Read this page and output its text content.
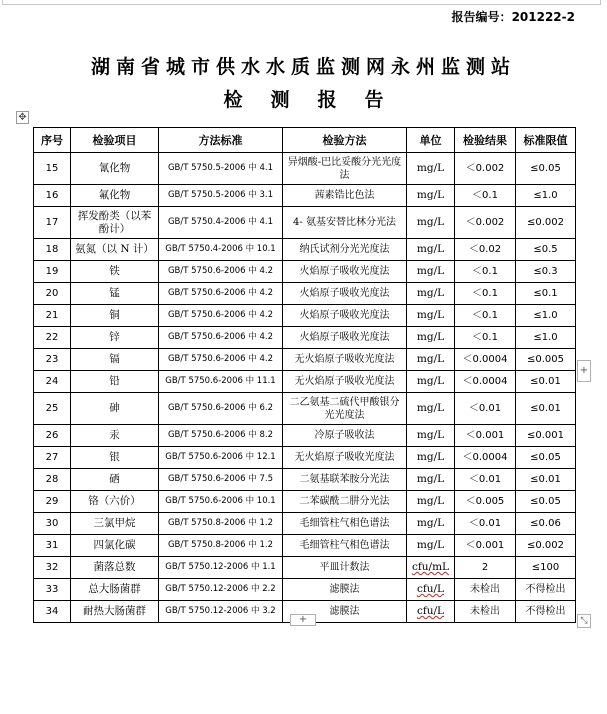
报告编号：201222-2
湖南省城市供水水质监测网永州监测站
检测报告
✥
序号	检验项目	方法标准	检验方法	单位	检验结果	标准限值
15	氰化物	GB/T 5750.5-2006 中 4.1	异烟酸-巴比妥酸分光光度法	mg/L	＜0.002	≤0.05
16	氟化物	GB/T 5750.5-2006 中 3.1	茜素锆比色法	mg/L	＜0.1	≤1.0
17	挥发酚类（以苯酚计）	GB/T 5750.4-2006 中 4.1	4- 氨基安替比林分光法	mg/L	＜0.002	≤0.002
18	氨氮（以 N 计）	GB/T 5750.4-2006 中 10.1	纳氏试剂分光光度法	mg/L	＜0.02	≤0.5
19	铁	GB/T 5750.6-2006 中 4.2	火焰原子吸收光度法	mg/L	＜0.1	≤0.3
20	锰	GB/T 5750.6-2006 中 4.2	火焰原子吸收光度法	mg/L	＜0.1	≤0.1
21	铜	GB/T 5750.6-2006 中 4.2	火焰原子吸收光度法	mg/L	＜0.1	≤1.0
22	锌	GB/T 5750.6-2006 中 4.2	火焰原子吸收光度法	mg/L	＜0.1	≤1.0
23	镉	GB/T 5750.6-2006 中 4.2	无火焰原子吸收光度法	mg/L	＜0.0004	≤0.005
24	铅	GB/T 5750.6-2006 中 11.1	无火焰原子吸收光度法	mg/L	＜0.0004	≤0.01
25	砷	GB/T 5750.6-2006 中 6.2	二乙氨基二硫代甲酸银分光光度法	mg/L	＜0.01	≤0.01
26	汞	GB/T 5750.6-2006 中 8.2	冷原子吸收法	mg/L	＜0.001	≤0.001
27	银	GB/T 5750.6-2006 中 12.1	无火焰原子吸收光度法	mg/L	＜0.0004	≤0.05
28	硒	GB/T 5750.6-2006 中 7.5	二氨基联苯胺分光法	mg/L	＜0.01	≤0.01
29	铬（六价）	GB/T 5750.6-2006 中 10.1	二苯碳酰二肼分光法	mg/L	＜0.005	≤0.05
30	三氯甲烷	GB/T 5750.8-2006 中 1.2	毛细管柱气相色谱法	mg/L	＜0.01	≤0.06
31	四氯化碳	GB/T 5750.8-2006 中 1.2	毛细管柱气相色谱法	mg/L	＜0.001	≤0.002
32	菌落总数	GB/T 5750.12-2006 中 1.1	平皿计数法	cfu/mL	2	≤100
33	总大肠菌群	GB/T 5750.12-2006 中 2.2	滤膜法	cfu/L	未检出	不得检出
34	耐热大肠菌群	GB/T 5750.12-2006 中 3.2	滤膜法	cfu/L	未检出	不得检出
+
+	⤡
